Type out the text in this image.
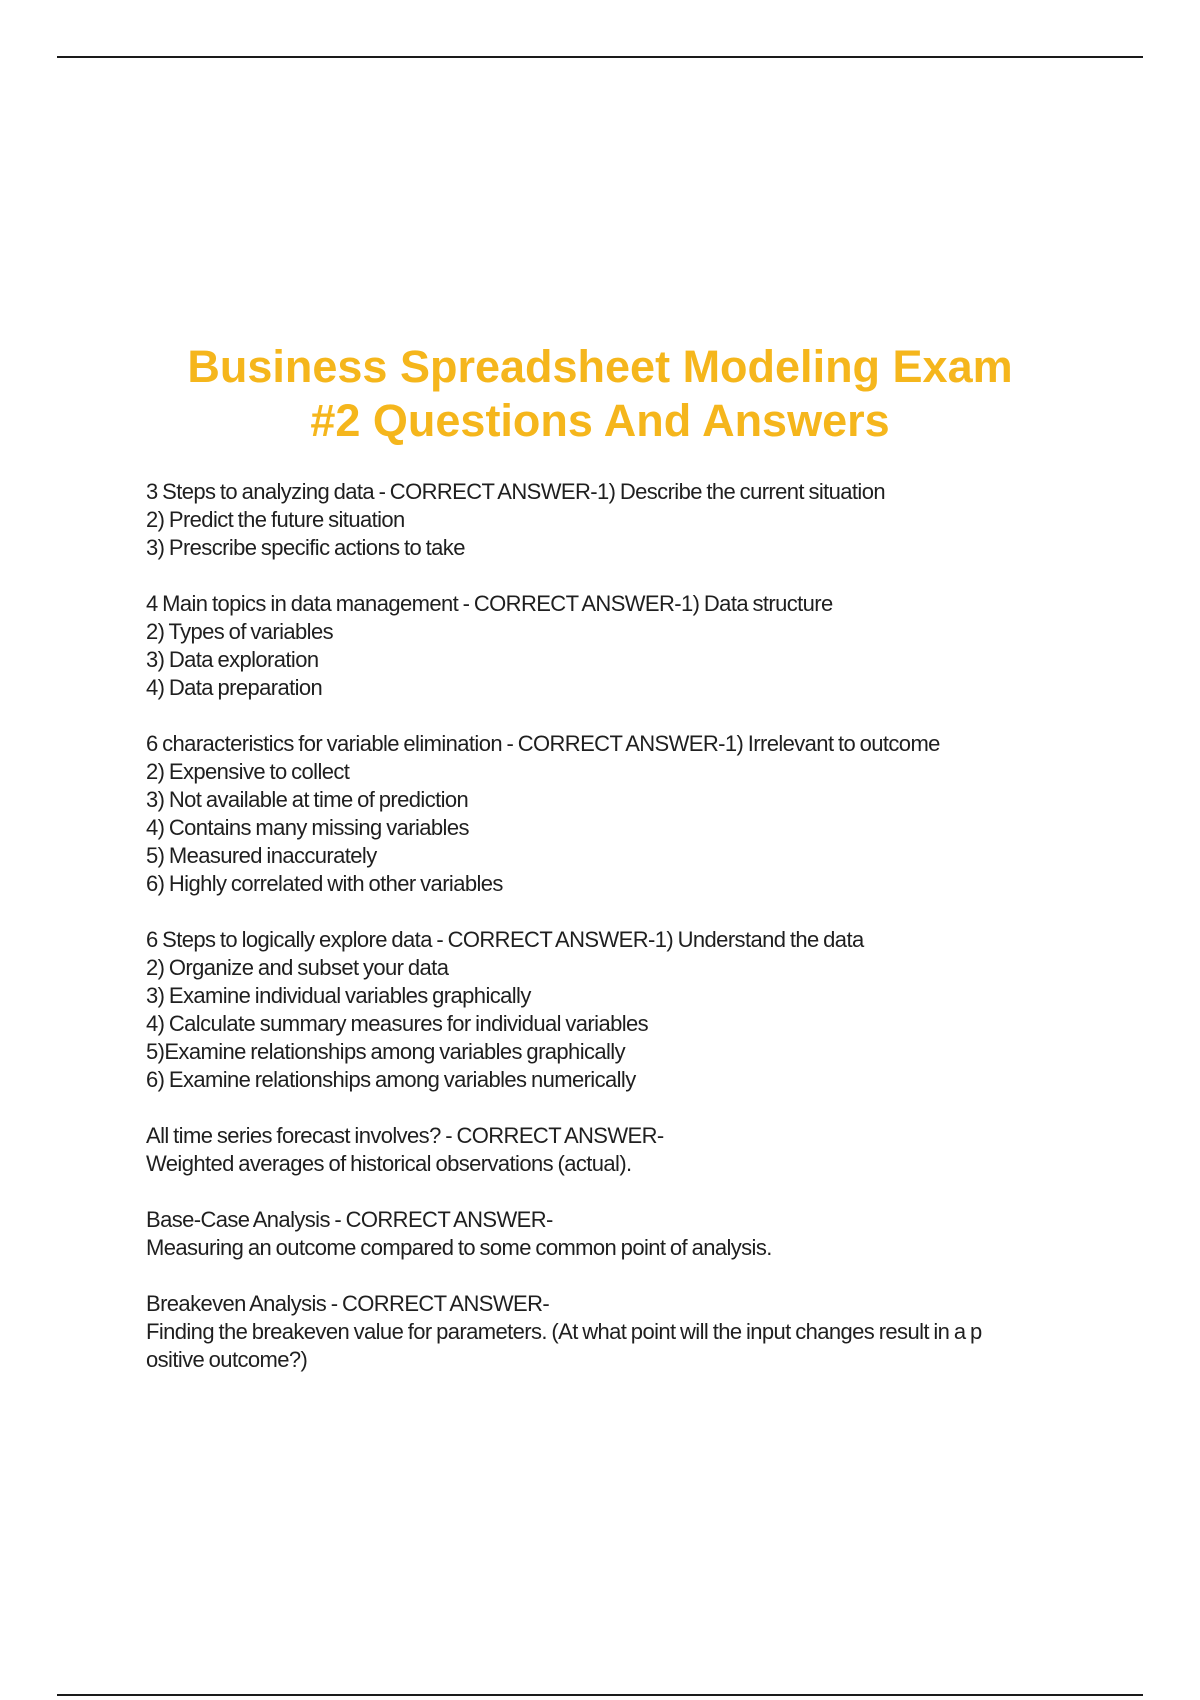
Business Spreadsheet Modeling Exam
#2 Questions And Answers
3 Steps to analyzing data - CORRECT ANSWER-1) Describe the current situation
2) Predict the future situation
3) Prescribe specific actions to take
4 Main topics in data management - CORRECT ANSWER-1) Data structure
2) Types of variables
3) Data exploration
4) Data preparation
6 characteristics for variable elimination - CORRECT ANSWER-1) Irrelevant to outcome
2) Expensive to collect
3) Not available at time of prediction
4) Contains many missing variables
5) Measured inaccurately
6) Highly correlated with other variables
6 Steps to logically explore data - CORRECT ANSWER-1) Understand the data
2) Organize and subset your data
3) Examine individual variables graphically
4) Calculate summary measures for individual variables
5)Examine relationships among variables graphically
6) Examine relationships among variables numerically
All time series forecast involves? - CORRECT ANSWER-
Weighted averages of historical observations (actual).
Base-Case Analysis - CORRECT ANSWER-
Measuring an outcome compared to some common point of analysis.
Breakeven Analysis - CORRECT ANSWER-
Finding the breakeven value for parameters. (At what point will the input changes result in a p
ositive outcome?)
